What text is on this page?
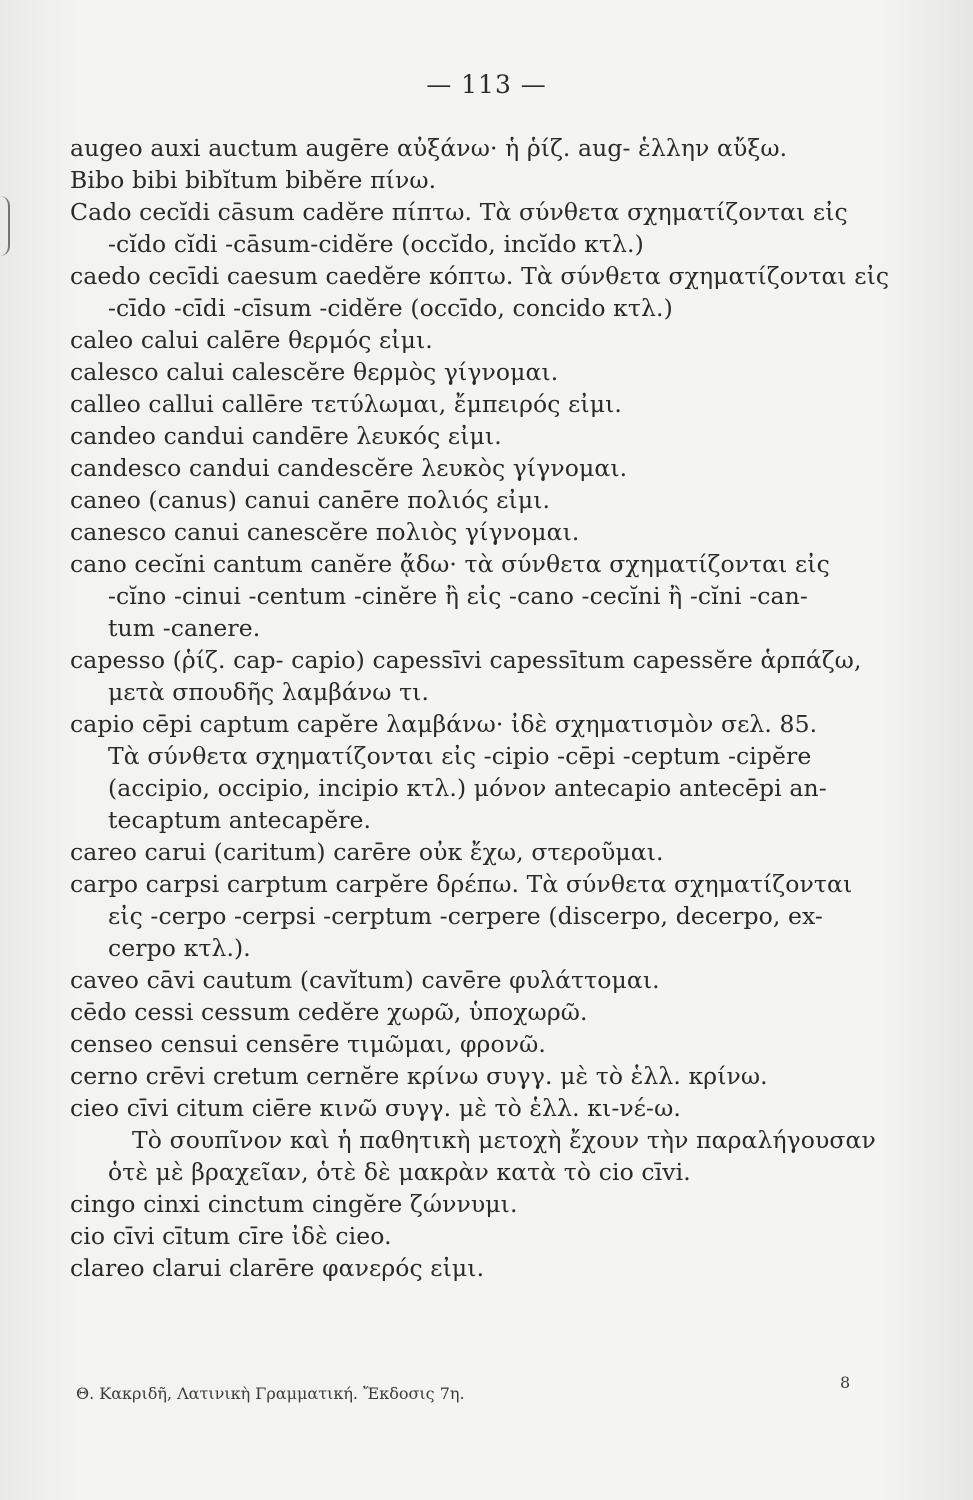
— 113 —
augeo auxi auctum augēre αὐξάνω· ἡ ῥίζ. aug- ἑλλην αὔξω.
Bibo bibi bibĭtum bibĕre πίνω.
Cado cecĭdi cāsum cadĕre πίπτω. Τὰ σύνθετα σχηματίζονται εἰς
-cĭdo cĭdi -cāsum-cidĕre (occĭdo, incĭdo κτλ.)
caedo cecīdi caesum caedĕre κόπτω. Τὰ σύνθετα σχηματίζονται εἰς
-cīdo -cīdi -cīsum -cidĕre (occīdo, concido κτλ.)
caleo calui calēre θερμός εἰμι.
calesco calui calescĕre θερμὸς γίγνομαι.
calleo callui callēre τετύλωμαι, ἔμπειρός εἰμι.
candeo candui candēre λευκός εἰμι.
candesco candui candescĕre λευκὸς γίγνομαι.
caneo (canus) canui canēre πολιός εἰμι.
canesco canui canescĕre πολιὸς γίγνομαι.
cano cecĭni cantum canĕre ᾄδω· τὰ σύνθετα σχηματίζονται εἰς
-cĭno -cinui -centum -cinĕre ἢ εἰς -cano -cecĭni ἢ -cĭni -can-
tum -canere.
capesso (ῥίζ. cap- capio) capessīvi capessītum capessĕre ἁρπάζω,
μετὰ σπουδῆς λαμβάνω τι.
capio cēpi captum capĕre λαμβάνω· ἰδὲ σχηματισμὸν σελ. 85.
Τὰ σύνθετα σχηματίζονται εἰς -cipio -cēpi -ceptum -cipĕre
(accipio, occipio, incipio κτλ.) μόνον antecapio antecēpi an-
tecaptum antecapĕre.
careo carui (caritum) carēre οὐκ ἔχω, στεροῦμαι.
carpo carpsi carptum carpĕre δρέπω. Τὰ σύνθετα σχηματίζονται
εἰς -cerpo -cerpsi -cerptum -cerpere (discerpo, decerpo, ex-
cerpo κτλ.).
caveo cāvi cautum (cavĭtum) cavēre φυλάττομαι.
cēdo cessi cessum cedĕre χωρῶ, ὑποχωρῶ.
censeo censui censēre τιμῶμαι, φρονῶ.
cerno crēvi cretum cernĕre κρίνω συγγ. μὲ τὸ ἑλλ. κρίνω.
cieo cīvi citum ciēre κινῶ συγγ. μὲ τὸ ἑλλ. κι-νέ-ω.
Τὸ σουπῖνον καὶ ἡ παθητικὴ μετοχὴ ἔχουν τὴν παραλήγουσαν
ὁτὲ μὲ βραχεῖαν, ὁτὲ δὲ μακρὰν κατὰ τὸ cio cīvi.
cingo cinxi cinctum cingĕre ζώννυμι.
cio cīvi cītum cīre ἰδὲ cieo.
clareo clarui clarēre φανερός εἰμι.
Θ. Κακριδῆ, Λατινικὴ Γραμματική. Ἔκδοσις 7η.
8
